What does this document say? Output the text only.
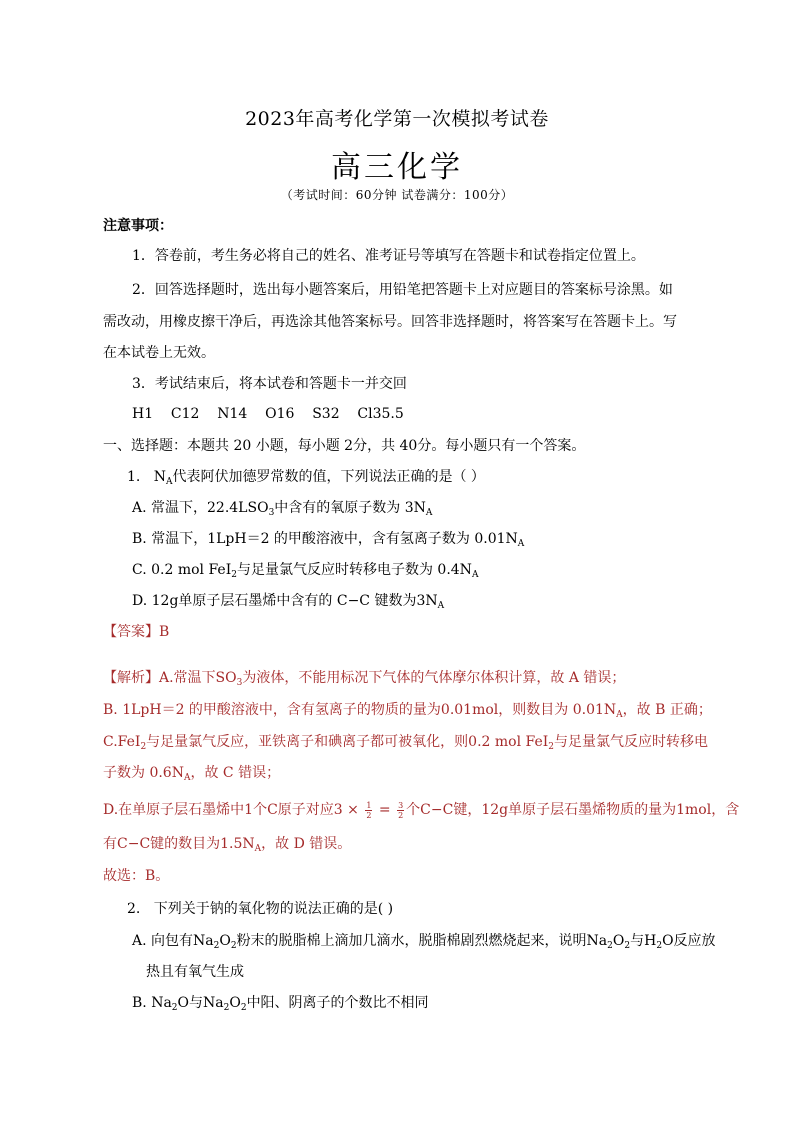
2023年高考化学第一次模拟考试卷
高三化学
（考试时间：60分钟 试卷满分：100分）
注意事项：
1．答卷前，考生务必将自己的姓名、准考证号等填写在答题卡和试卷指定位置上。
2．回答选择题时，选出每小题答案后，用铅笔把答题卡上对应题目的答案标号涂黑。如
需改动，用橡皮擦干净后，再选涂其他答案标号。回答非选择题时，将答案写在答题卡上。写
在本试卷上无效。
3．考试结束后，将本试卷和答题卡一并交回
H1    C12    N14    O16    S32    Cl35.5
一、选择题：本题共 20 小题，每小题 2分，共 40分。每小题只有一个答案。
1. $N_A$代表阿伏加德罗常数的值，下列说法正确的是（ ）
A. 常温下，$22.4LSO_3$中含有的氧原子数为 $3N_A$
B. 常温下，1LpH＝2 的甲酸溶液中，含有氢离子数为 $0.01N_A$
C. 0.2 mol FeI$_2$与足量氯气反应时转移电子数为 $0.4N_A$
D. 12g单原子层石墨烯中含有的 C−C 键数为$3N_A$
【答案】B
【解析】A.常温下$SO_3$为液体，不能用标况下气体的气体摩尔体积计算，故 A 错误；
B. 1LpH＝2 的甲酸溶液中，含有氢离子的物质的量为0.01mol，则数目为 $0.01N_A$，故 B 正确；
C.FeI$_2$与足量氯气反应，亚铁离子和碘离子都可被氧化，则0.2 mol FeI$_2$与足量氯气反应时转移电
子数为 $0.6N_A$，故 C 错误；
D.在单原子层石墨烯中1个C原子对应$3 \times \frac{1}{2} = \frac{3}{2}$ 个C−C键，12g单原子层石墨烯物质的量为1mol，含
有C−C键的数目为$1.5N_A$，故 D 错误。
故选：B。
2. 下列关于钠的氧化物的说法正确的是( )
A. 向包有$Na_2O_2$粉末的脱脂棉上滴加几滴水，脱脂棉剧烈燃烧起来，说明$Na_2O_2$与$H_2O$反应放
热且有氧气生成
B. $Na_2O$与$Na_2O_2$中阳、阴离子的个数比不相同
